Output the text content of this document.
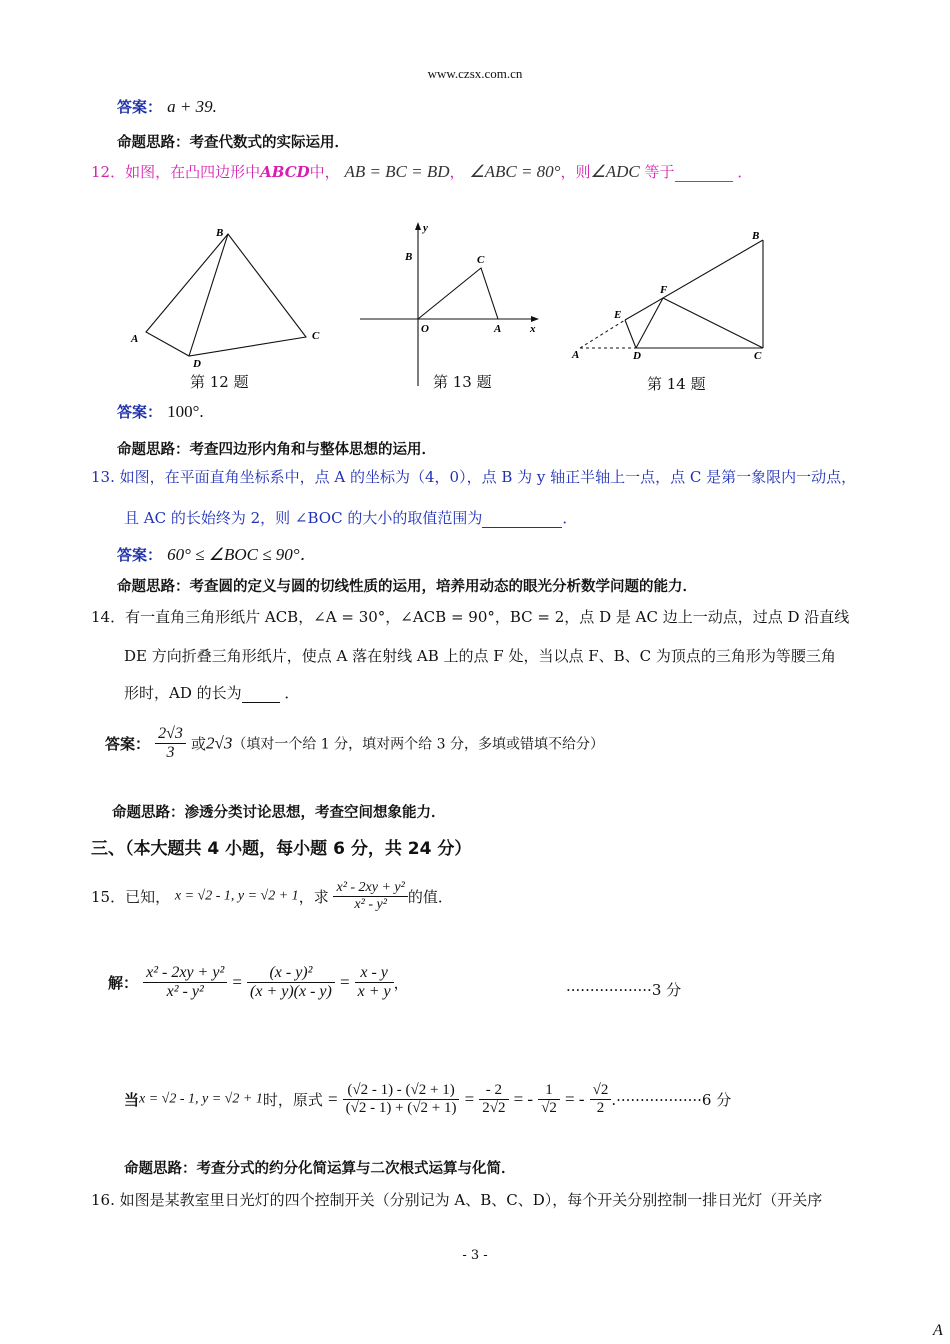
www.czsx.com.cn
答案： a + 39.
命题思路：考查代数式的实际运用．
12．如图，在凸四边形中ABCD中， AB = BC = BD， ∠ABC = 80°，则∠ADC 等于	．
B
A	C
D
第 12 题
y
B	C
O	A	x
第 13 题
B
F
E
A	D	C
第 14 题
答案： 100°.
命题思路：考查四边形内角和与整体思想的运用．
13. 如图，在平面直角坐标系中，点 A 的坐标为（4，0），点 B 为 y 轴正半轴上一点，点 C 是第一象限内一动点，
且 AC 的长始终为 2，则 ∠BOC 的大小的取值范围为	．
答案： 60° ≤ ∠BOC ≤ 90°．
命题思路：考查圆的定义与圆的切线性质的运用，培养用动态的眼光分析数学问题的能力．
14．有一直角三角形纸片 ACB，∠A = 30°，∠ACB = 90°，BC = 2，点 D 是 AC 边上一动点，过点 D 沿直线
DE 方向折叠三角形纸片，使点 A 落在射线 AB 上的点 F 处，当以点 F、B、C 为顶点的三角形为等腰三角
形时，AD 的长为	．
答案： $\frac{2√3}{3}$ 或2√3（填对一个给 1 分，填对两个给 3 分，多填或错填不给分）
命题思路：渗透分类讨论思想，考查空间想象能力．
三、（本大题共 4 小题，每小题 6 分，共 24 分）
15．已知， x = √2 - 1, y = √2 + 1，求 $\frac{\text{x² - 2xy + y²}}{\text{x² - y²}}$ 的值．
解： $\frac{\text{x² - 2xy + y²}}{\text{x² - y²}} = \frac{\text{(x - y)²}}{(x + y)(x - y)} = \frac{x - y}{x + y}$ ，	··················3 分
当x = √2 - 1, y = √2 + 1时，原式 = $\frac{(√2 - 1) - (√2 + 1)}{(√2 - 1) + (√2 + 1)} = \frac{- 2}{2√2}$ = - $\frac{1}{√2}$ = - $\frac{√2}{2} .\cdot\cdot\cdot\cdot\cdot\cdot\cdot\cdot\cdot\cdot\cdot\cdot\cdot\cdot\cdot\cdot\cdot\cdot 6$ 分
命题思路：考查分式的约分化简运算与二次根式运算与化简．
16. 如图是某教室里日光灯的四个控制开关（分别记为 A、B、C、D），每个开关分别控制一排日光灯（开关序
- 3 -
A
